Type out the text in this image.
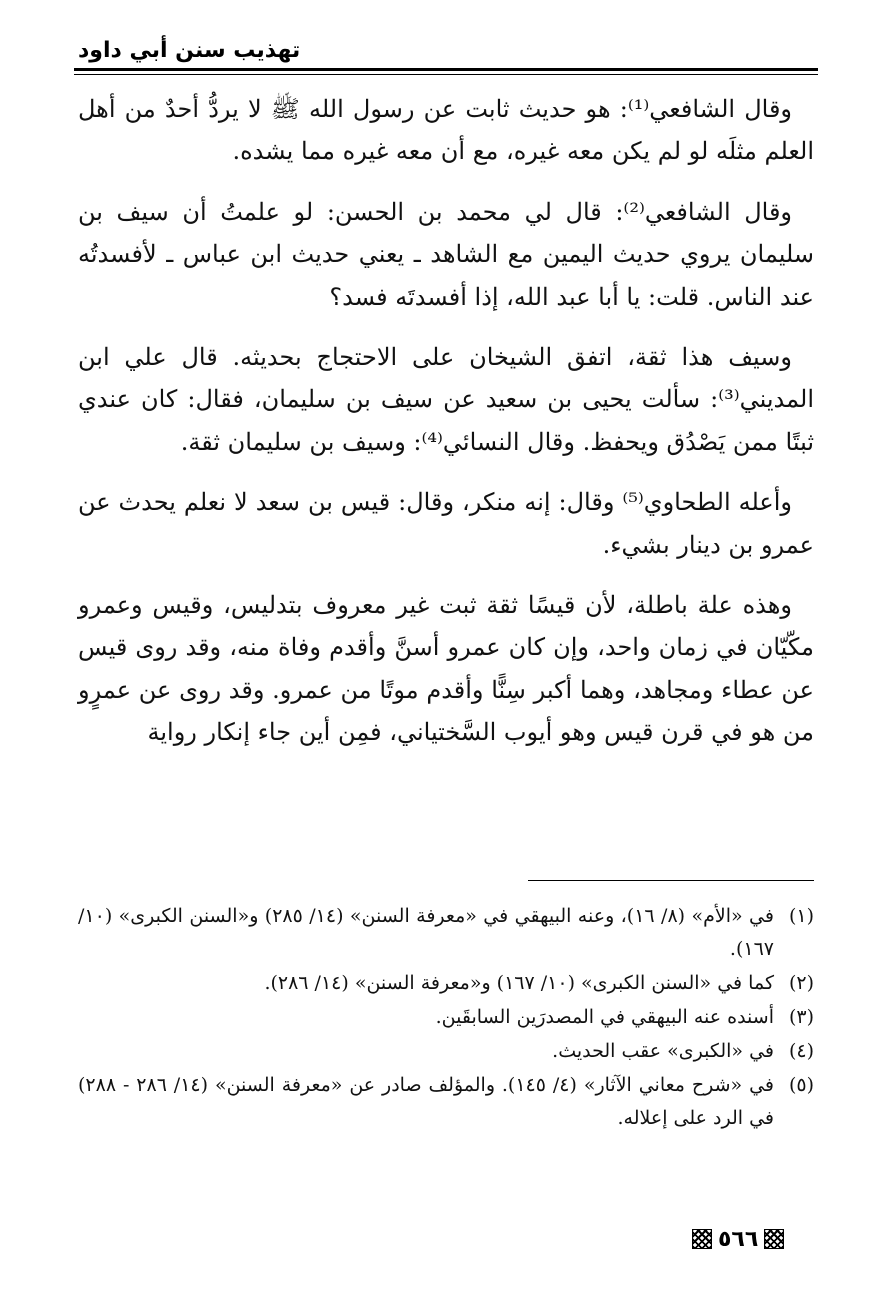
تهذيب سنن أبي داود

وقال الشافعي⁽¹⁾: هو حديث ثابت عن رسول الله ﷺ لا يردُّ أحدٌ من أهل العلم مثلَه لو لم يكن معه غيره، مع أن معه غيره مما يشده.

وقال الشافعي⁽²⁾: قال لي محمد بن الحسن: لو علمتُ أن سيف بن سليمان يروي حديث اليمين مع الشاهد ـ يعني حديث ابن عباس ـ لأفسدتُه عند الناس. قلت: يا أبا عبد الله، إذا أفسدتَه فسد؟

وسيف هذا ثقة، اتفق الشيخان على الاحتجاج بحديثه. قال علي ابن المديني⁽³⁾: سألت يحيى بن سعيد عن سيف بن سليمان، فقال: كان عندي ثبتًا ممن يَصْدُق ويحفظ. وقال النسائي⁽⁴⁾: وسيف بن سليمان ثقة.

وأعله الطحاوي⁽⁵⁾ وقال: إنه منكر، وقال: قيس بن سعد لا نعلم يحدث عن عمرو بن دينار بشيء.

وهذه علة باطلة، لأن قيسًا ثقة ثبت غير معروف بتدليس، وقيس وعمرو مكّيّان في زمان واحد، وإن كان عمرو أسنَّ وأقدم وفاة منه، وقد روى قيس عن عطاء ومجاهد، وهما أكبر سِنًّا وأقدم موتًا من عمرو. وقد روى عن عمرٍو من هو في قرن قيس وهو أيوب السَّختياني، فمِن أين جاء إنكار رواية

(١)
في «الأم» (٨/ ١٦)، وعنه البيهقي في «معرفة السنن» (١٤/ ٢٨٥) و«السنن الكبرى» (١٠/ ١٦٧).
(٢)
كما في «السنن الكبرى» (١٠/ ١٦٧) و«معرفة السنن» (١٤/ ٢٨٦).
(٣)
أسنده عنه البيهقي في المصدرَين السابقَين.
(٤)
في «الكبرى» عقب الحديث.
(٥)
في «شرح معاني الآثار» (٤/ ١٤٥). والمؤلف صادر عن «معرفة السنن» (١٤/ ٢٨٦ - ٢٨٨) في الرد على إعلاله.
٥٦٦
